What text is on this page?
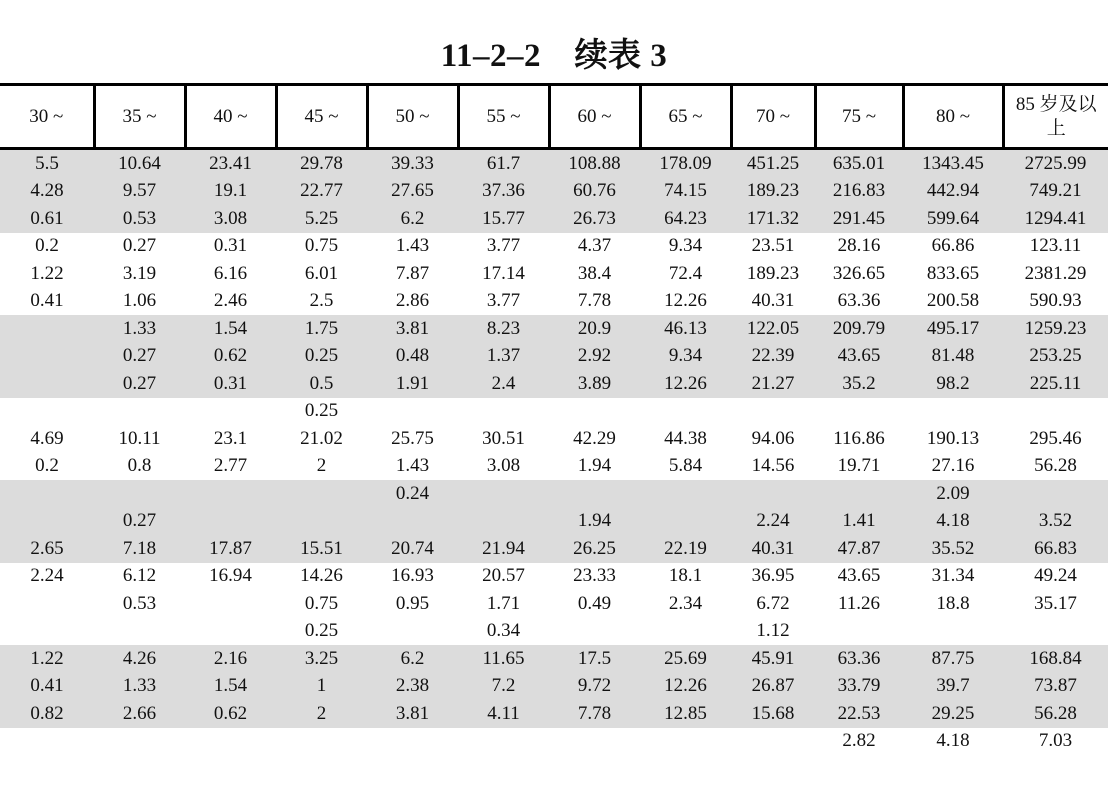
11–2–2　续表 3
30 ~	35 ~	40 ~	45 ~	50 ~	55 ~	60 ~	65 ~	70 ~	75 ~	80 ~	85 岁及以上
5.5	10.64	23.41	29.78	39.33	61.7	108.88	178.09	451.25	635.01	1343.45	2725.99
4.28	9.57	19.1	22.77	27.65	37.36	60.76	74.15	189.23	216.83	442.94	749.21
0.61	0.53	3.08	5.25	6.2	15.77	26.73	64.23	171.32	291.45	599.64	1294.41
0.2	0.27	0.31	0.75	1.43	3.77	4.37	9.34	23.51	28.16	66.86	123.11
1.22	3.19	6.16	6.01	7.87	17.14	38.4	72.4	189.23	326.65	833.65	2381.29
0.41	1.06	2.46	2.5	2.86	3.77	7.78	12.26	40.31	63.36	200.58	590.93
	1.33	1.54	1.75	3.81	8.23	20.9	46.13	122.05	209.79	495.17	1259.23
	0.27	0.62	0.25	0.48	1.37	2.92	9.34	22.39	43.65	81.48	253.25
	0.27	0.31	0.5	1.91	2.4	3.89	12.26	21.27	35.2	98.2	225.11
			0.25								
4.69	10.11	23.1	21.02	25.75	30.51	42.29	44.38	94.06	116.86	190.13	295.46
0.2	0.8	2.77	2	1.43	3.08	1.94	5.84	14.56	19.71	27.16	56.28
				0.24						2.09	
	0.27					1.94		2.24	1.41	4.18	3.52
2.65	7.18	17.87	15.51	20.74	21.94	26.25	22.19	40.31	47.87	35.52	66.83
2.24	6.12	16.94	14.26	16.93	20.57	23.33	18.1	36.95	43.65	31.34	49.24
	0.53		0.75	0.95	1.71	0.49	2.34	6.72	11.26	18.8	35.17
			0.25		0.34			1.12			
1.22	4.26	2.16	3.25	6.2	11.65	17.5	25.69	45.91	63.36	87.75	168.84
0.41	1.33	1.54	1	2.38	7.2	9.72	12.26	26.87	33.79	39.7	73.87
0.82	2.66	0.62	2	3.81	4.11	7.78	12.85	15.68	22.53	29.25	56.28
									2.82	4.18	7.03
